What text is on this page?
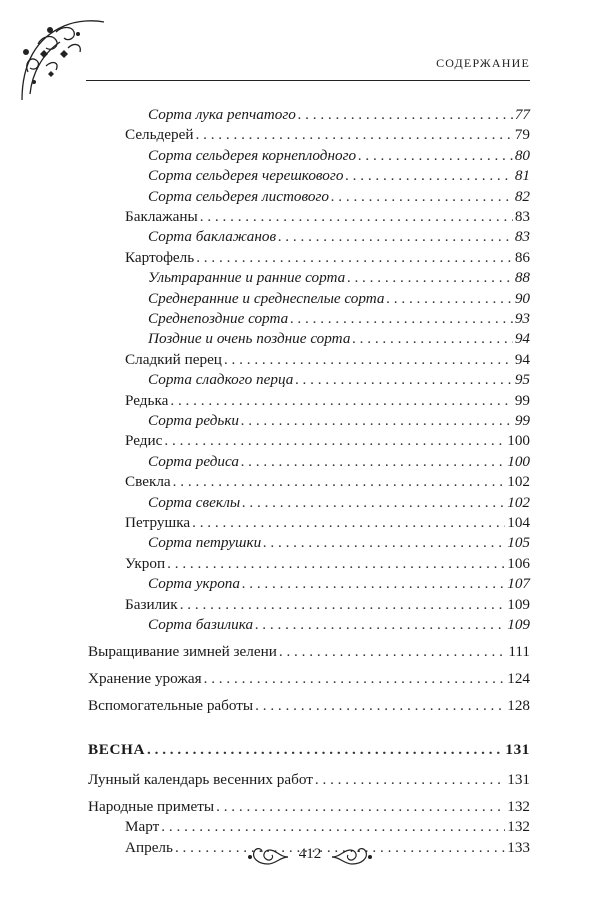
СОДЕРЖАНИЕ
Сорта лука репчатого . . .	77
Сельдерей . . .	79
Сорта сельдерея корнеплодного . . .	80
Сорта сельдерея черешкового . . .	81
Сорта сельдерея листового . . .	82
Баклажаны . . .	83
Сорта баклажанов . . .	83
Картофель . . .	86
Ультраранние и ранние сорта . . .	88
Среднеранние и среднеспелые сорта . . .	90
Среднепоздние сорта . . .	93
Поздние и очень поздние сорта . . .	94
Сладкий перец . . .	94
Сорта сладкого перца . . .	95
Редька . . .	99
Сорта редьки . . .	99
Редис . . .	100
Сорта редиса . . .	100
Свекла . . .	102
Сорта свеклы . . .	102
Петрушка . . .	104
Сорта петрушки . . .	105
Укроп . . .	106
Сорта укропа . . .	107
Базилик . . .	109
Сорта базилика . . .	109
Выращивание зимней зелени . . .	111
Хранение урожая . . .	124
Вспомогательные работы . . .	128
ВЕСНА . . .	131
Лунный календарь весенних работ . . .	131
Народные приметы . . .	132
Март . . .	132
Апрель . . .	133
412
